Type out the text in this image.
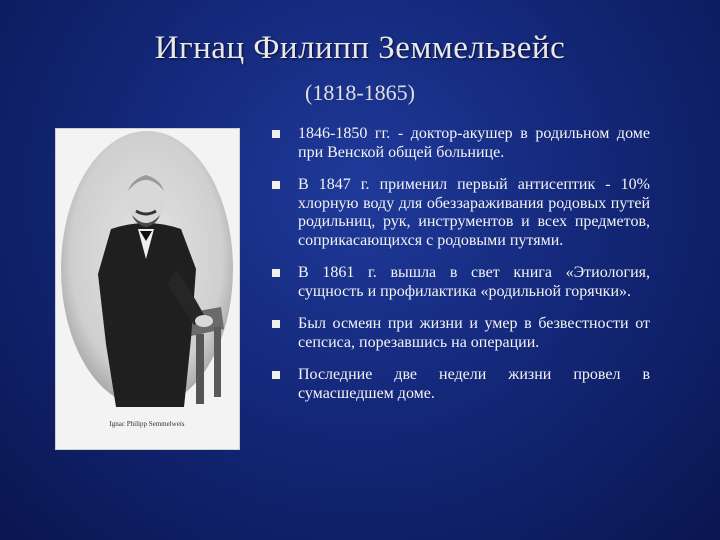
Игнац Филипп Земмельвейс
(1818-1865)
Ignac Philipp Semmelweis
1846-1850 гг. - доктор-акушер в родильном доме при Венской общей больнице.
В 1847 г. применил первый антисептик - 10% хлорную воду для обеззараживания родовых путей родильниц, рук, инструментов и всех предметов, соприкасающихся с родовыми путями.
В 1861 г. вышла в свет книга «Этиология, сущность и профилактика «родильной горячки».
Был осмеян при жизни и умер в безвестности от сепсиса, порезавшись на операции.
Последние две недели жизни провел в сумасшедшем доме.
